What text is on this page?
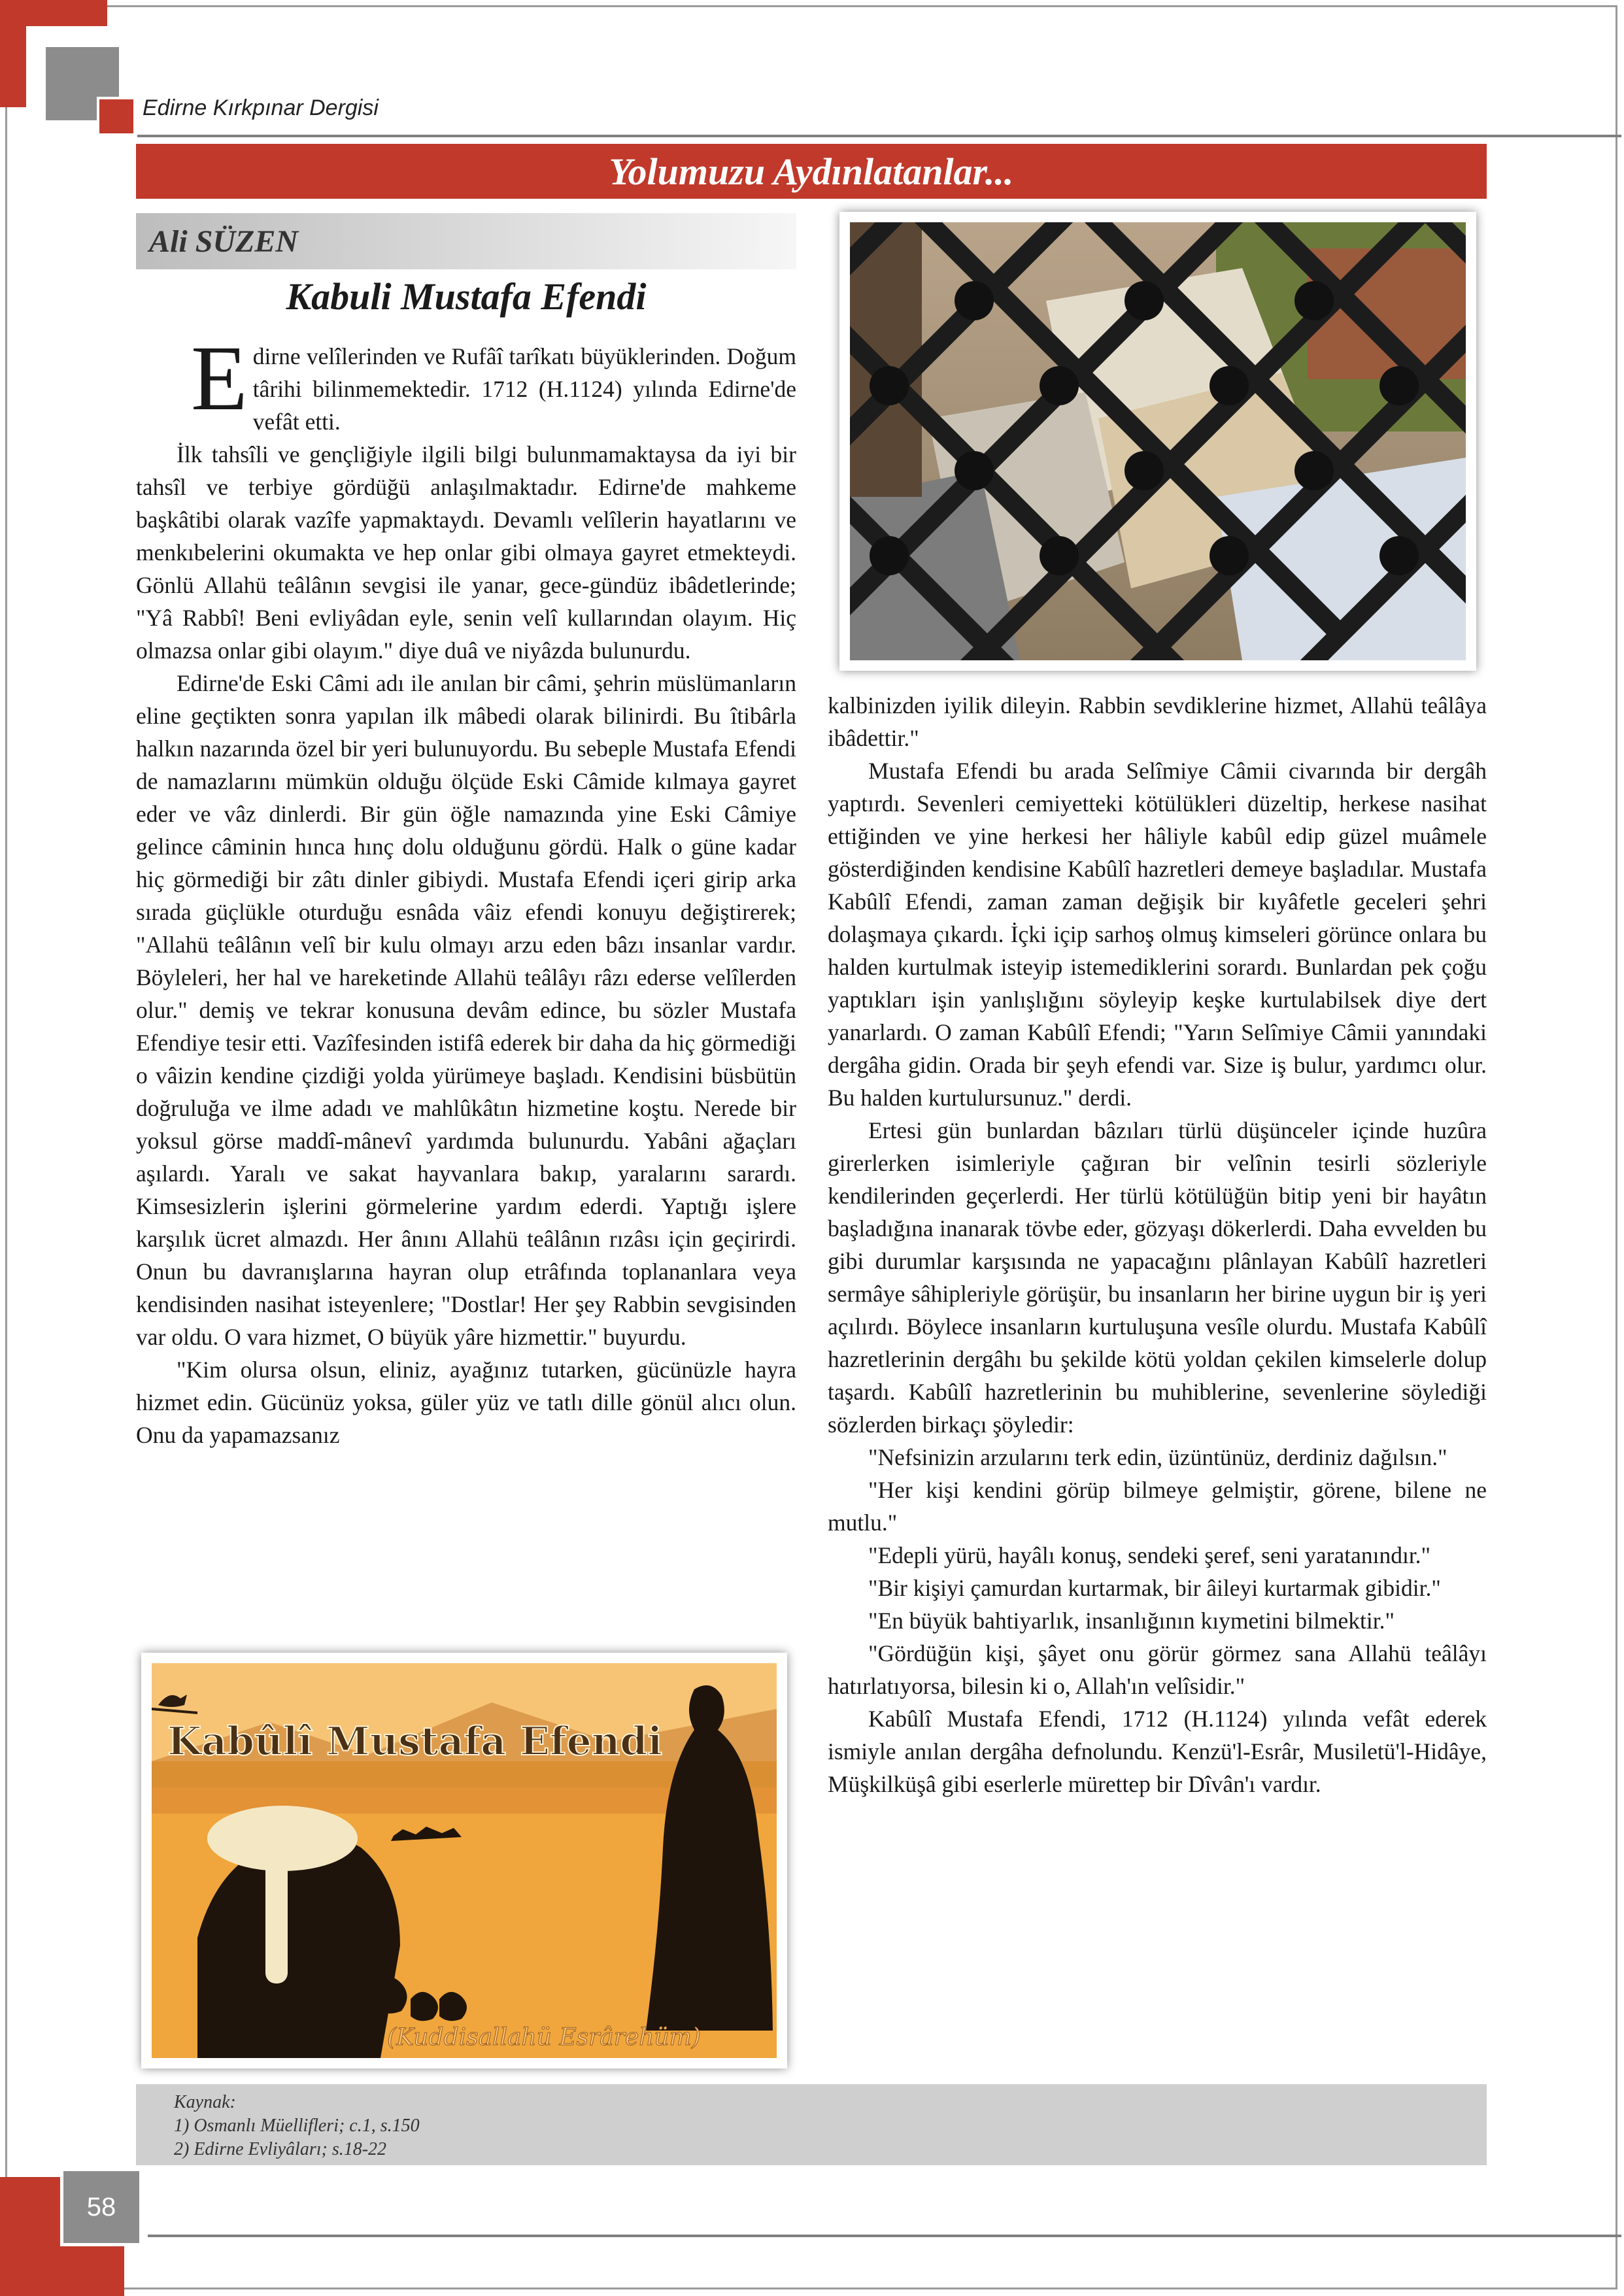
Edirne Kırkpınar Dergisi
Yolumuzu Aydınlatanlar...
Ali SÜZEN
Kabuli Mustafa Efendi

Edirne velîlerinden ve Rufâî tarîkatı büyüklerinden. Doğum târihi bilinmemektedir. 1712 (H.1124) yılında Edirne'de vefât etti.

İlk tahsîli ve gençliğiyle ilgili bilgi bulunmamaktaysa da iyi bir tahsîl ve terbiye gördüğü anlaşılmaktadır. Edirne'de mahkeme başkâtibi olarak vazîfe yapmaktaydı. Devamlı velîlerin hayatlarını ve menkıbelerini okumakta ve hep onlar gibi olmaya gayret etmekteydi. Gönlü Allahü teâlânın sevgisi ile yanar, gece-gündüz ibâdetlerinde; "Yâ Rabbî! Beni evliyâdan eyle, senin velî kullarından olayım. Hiç olmazsa onlar gibi olayım." diye duâ ve niyâzda bulunurdu.

Edirne'de Eski Câmi adı ile anılan bir câmi, şehrin müslümanların eline geçtikten sonra yapılan ilk mâbedi olarak bilinirdi. Bu îtibârla halkın nazarında özel bir yeri bulunuyordu. Bu sebeple Mustafa Efendi de namazlarını mümkün olduğu ölçüde Eski Câmide kılmaya gayret eder ve vâz dinlerdi. Bir gün öğle namazında yine Eski Câmiye gelince câminin hınca hınç dolu olduğunu gördü. Halk o güne kadar hiç görmediği bir zâtı dinler gibiydi. Mustafa Efendi içeri girip arka sırada güçlükle oturduğu esnâda vâiz efendi konuyu değiştirerek; "Allahü teâlânın velî bir kulu olmayı arzu eden bâzı insanlar vardır. Böyleleri, her hal ve hareketinde Allahü teâlâyı râzı ederse velîlerden olur." demiş ve tekrar konusuna devâm edince, bu sözler Mustafa Efendiye tesir etti. Vazîfesinden istifâ ederek bir daha da hiç görmediği o vâizin kendine çizdiği yolda yürümeye başladı. Kendisini büsbütün doğruluğa ve ilme adadı ve mahlûkâtın hizmetine koştu. Nerede bir yoksul görse maddî-mânevî yardımda bulunurdu. Yabâni ağaçları aşılardı. Yaralı ve sakat hayvanlara bakıp, yaralarını sarardı. Kimsesizlerin işlerini görmelerine yardım ederdi. Yaptığı işlere karşılık ücret almazdı. Her ânını Allahü teâlânın rızâsı için geçirirdi. Onun bu davranışlarına hayran olup etrâfında toplananlara veya kendisinden nasihat isteyenlere; "Dostlar! Her şey Rabbin sevgisinden var oldu. O vara hizmet, O büyük yâre hizmettir." buyurdu.

"Kim olursa olsun, eliniz, ayağınız tutarken, gücünüzle hayra hizmet edin. Gücünüz yoksa, güler yüz ve tatlı dille gönül alıcı olun. Onu da yapamazsanız

kalbinizden iyilik dileyin. Rabbin sevdiklerine hizmet, Allahü teâlâya ibâdettir."

Mustafa Efendi bu arada Selîmiye Câmii civarında bir dergâh yaptırdı. Sevenleri cemiyetteki kötülükleri düzeltip, herkese nasihat ettiğinden ve yine herkesi her hâliyle kabûl edip güzel muâmele gösterdiğinden kendisine Kabûlî hazretleri demeye başladılar. Mustafa Kabûlî Efendi, zaman zaman değişik bir kıyâfetle geceleri şehri dolaşmaya çıkardı. İçki içip sarhoş olmuş kimseleri görünce onlara bu halden kurtulmak isteyip istemediklerini sorardı. Bunlardan pek çoğu yaptıkları işin yanlışlığını söyleyip keşke kurtulabilsek diye dert yanarlardı. O zaman Kabûlî Efendi; "Yarın Selîmiye Câmii yanındaki dergâha gidin. Orada bir şeyh efendi var. Size iş bulur, yardımcı olur. Bu halden kurtulursunuz." derdi.

Ertesi gün bunlardan bâzıları türlü düşünceler içinde huzûra girerlerken isimleriyle çağıran bir velînin tesirli sözleriyle kendilerinden geçerlerdi. Her türlü kötülüğün bitip yeni bir hayâtın başladığına inanarak tövbe eder, gözyaşı dökerlerdi. Daha evvelden bu gibi durumlar karşısında ne yapacağını plânlayan Kabûlî hazretleri sermâye sâhipleriyle görüşür, bu insanların her birine uygun bir iş yeri açılırdı. Böylece insanların kurtuluşuna vesîle olurdu. Mustafa Kabûlî hazretlerinin dergâhı bu şekilde kötü yoldan çekilen kimselerle dolup taşardı. Kabûlî hazretlerinin bu muhiblerine, sevenlerine söylediği sözlerden birkaçı şöyledir:

"Nefsinizin arzularını terk edin, üzüntünüz, derdiniz dağılsın."

"Her kişi kendini görüp bilmeye gelmiştir, görene, bilene ne mutlu."

"Edepli yürü, hayâlı konuş, sendeki şeref, seni yaratanındır."

"Bir kişiyi çamurdan kurtarmak, bir âileyi kurtarmak gibidir."

"En büyük bahtiyarlık, insanlığının kıymetini bilmektir."

"Gördüğün kişi, şâyet onu görür görmez sana Allahü teâlâyı hatırlatıyorsa, bilesin ki o, Allah'ın velîsidir."

Kabûlî Mustafa Efendi, 1712 (H.1124) yılında vefât ederek ismiyle anılan dergâha defnolundu. Kenzü'l-Esrâr, Musiletü'l-Hidâye, Müşkilküşâ gibi eserlerle mürettep bir Dîvân'ı vardır.

Kabûlî Mustafa Efendi
(Kuddisallahü Esrârehüm)
Kaynak:
1) Osmanlı Müellifleri; c.1, s.150
2) Edirne Evliyâları; s.18-22
58
